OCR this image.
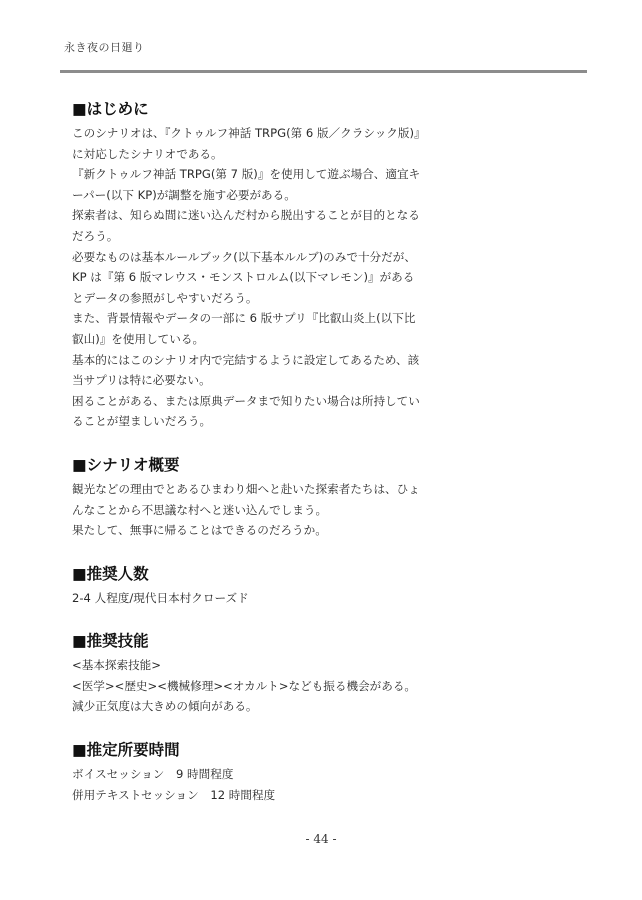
永き夜の日廻り
■はじめに
このシナリオは、『クトゥルフ神話 TRPG(第 6 版／クラシック版)』
に対応したシナリオである。
『新クトゥルフ神話 TRPG(第 7 版)』を使用して遊ぶ場合、適宜キ
ーパー(以下 KP)が調整を施す必要がある。
探索者は、知らぬ間に迷い込んだ村から脱出することが目的となる
だろう。
必要なものは基本ルールブック(以下基本ルルブ)のみで十分だが、
KP は『第 6 版マレウス・モンストロルム(以下マレモン)』がある
とデータの参照がしやすいだろう。
また、背景情報やデータの一部に 6 版サプリ『比叡山炎上(以下比
叡山)』を使用している。
基本的にはこのシナリオ内で完結するように設定してあるため、該
当サプリは特に必要ない。
困ることがある、または原典データまで知りたい場合は所持してい
ることが望ましいだろう。
■シナリオ概要
観光などの理由でとあるひまわり畑へと赴いた探索者たちは、ひょ
んなことから不思議な村へと迷い込んでしまう。
果たして、無事に帰ることはできるのだろうか。
■推奨人数
2-4 人程度/現代日本村クローズド
■推奨技能
<基本探索技能>
<医学><歴史><機械修理><オカルト>なども振る機会がある。
減少正気度は大きめの傾向がある。
■推定所要時間
ボイスセッション　9 時間程度
併用テキストセッション　12 時間程度
- 44 -
